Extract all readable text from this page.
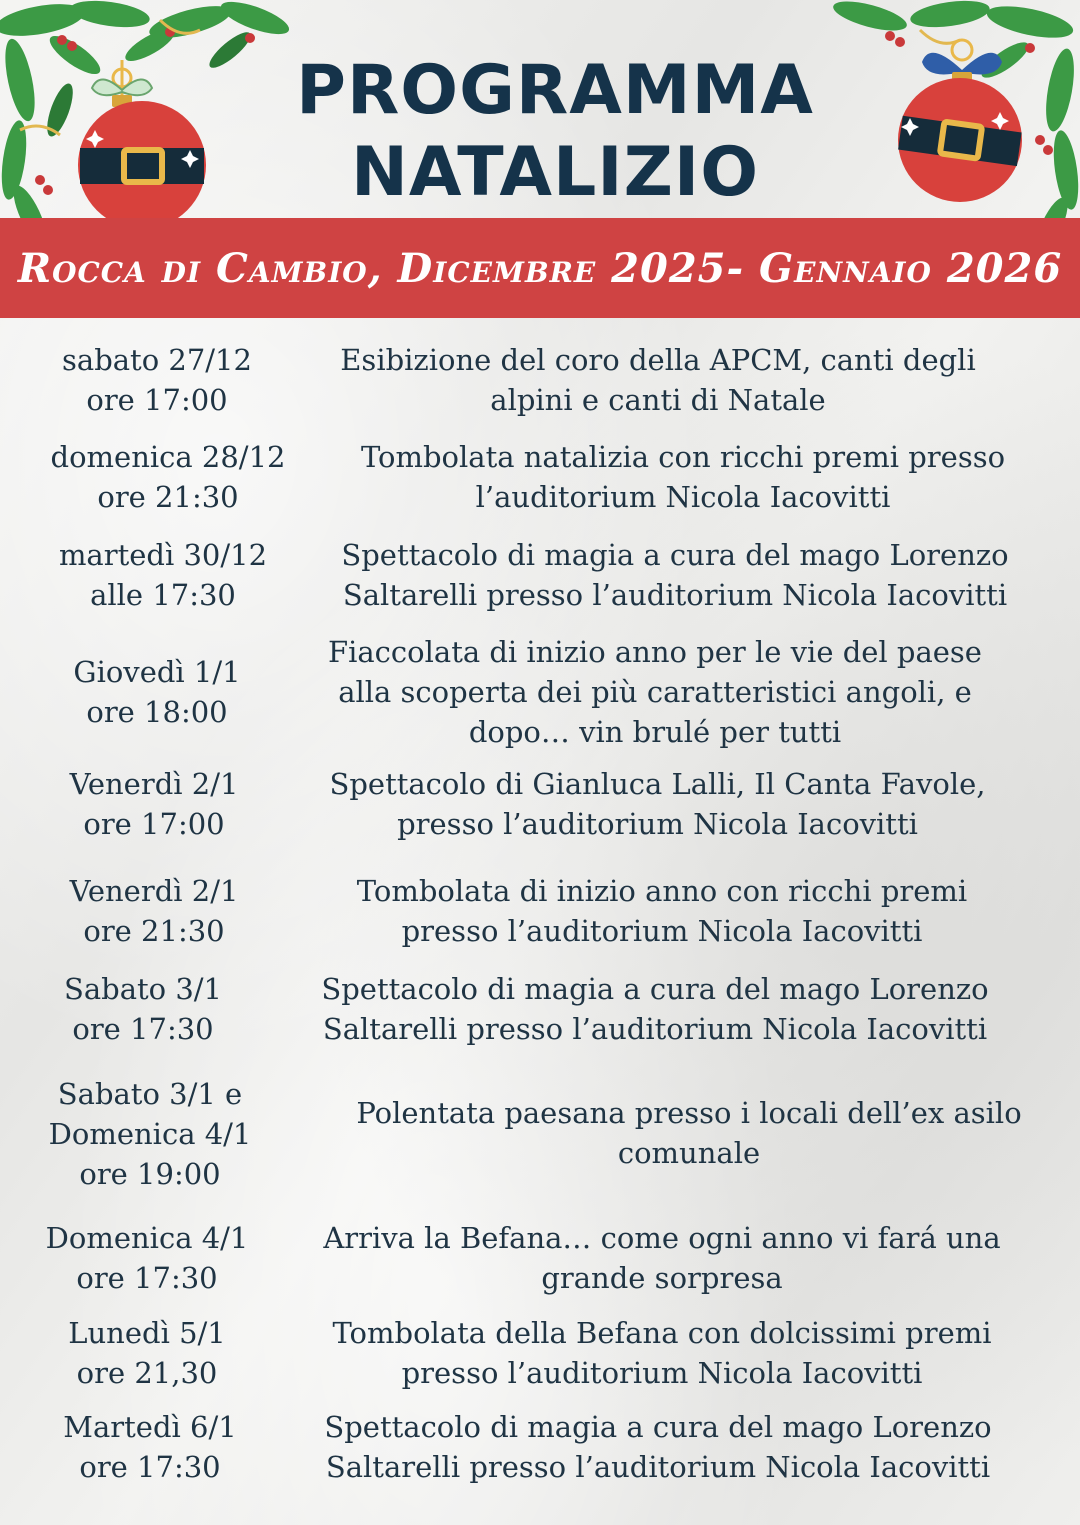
PROGRAMMA
NATALIZIO
Rocca di Cambio, Dicembre 2025- Gennaio 2026
sabato 27/12
ore 17:00
Esibizione del coro della APCM, canti degli
alpini e canti di Natale
domenica 28/12
ore 21:30
Tombolata natalizia con ricchi premi presso
l’auditorium Nicola Iacovitti
martedì 30/12
alle 17:30
Spettacolo di magia a cura del mago Lorenzo
Saltarelli presso l’auditorium Nicola Iacovitti
Giovedì 1/1
ore 18:00
Fiaccolata di inizio anno per le vie del paese
alla scoperta dei più caratteristici angoli, e
dopo… vin brulé per tutti
Venerdì 2/1
ore 17:00
Spettacolo di Gianluca Lalli, Il Canta Favole,
presso l’auditorium Nicola Iacovitti
Venerdì 2/1
ore 21:30
Tombolata di inizio anno con ricchi premi
presso l’auditorium Nicola Iacovitti
Sabato 3/1
ore 17:30
Spettacolo di magia a cura del mago Lorenzo
Saltarelli presso l’auditorium Nicola Iacovitti
Sabato 3/1 e
Domenica 4/1
ore 19:00
Polentata paesana presso i locali dell’ex asilo
comunale
Domenica 4/1
ore 17:30
Arriva la Befana… come ogni anno vi fará una
grande sorpresa
Lunedì 5/1
ore 21,30
Tombolata della Befana con dolcissimi premi
presso l’auditorium Nicola Iacovitti
Martedì 6/1
ore 17:30
Spettacolo di magia a cura del mago Lorenzo
Saltarelli presso l’auditorium Nicola Iacovitti
